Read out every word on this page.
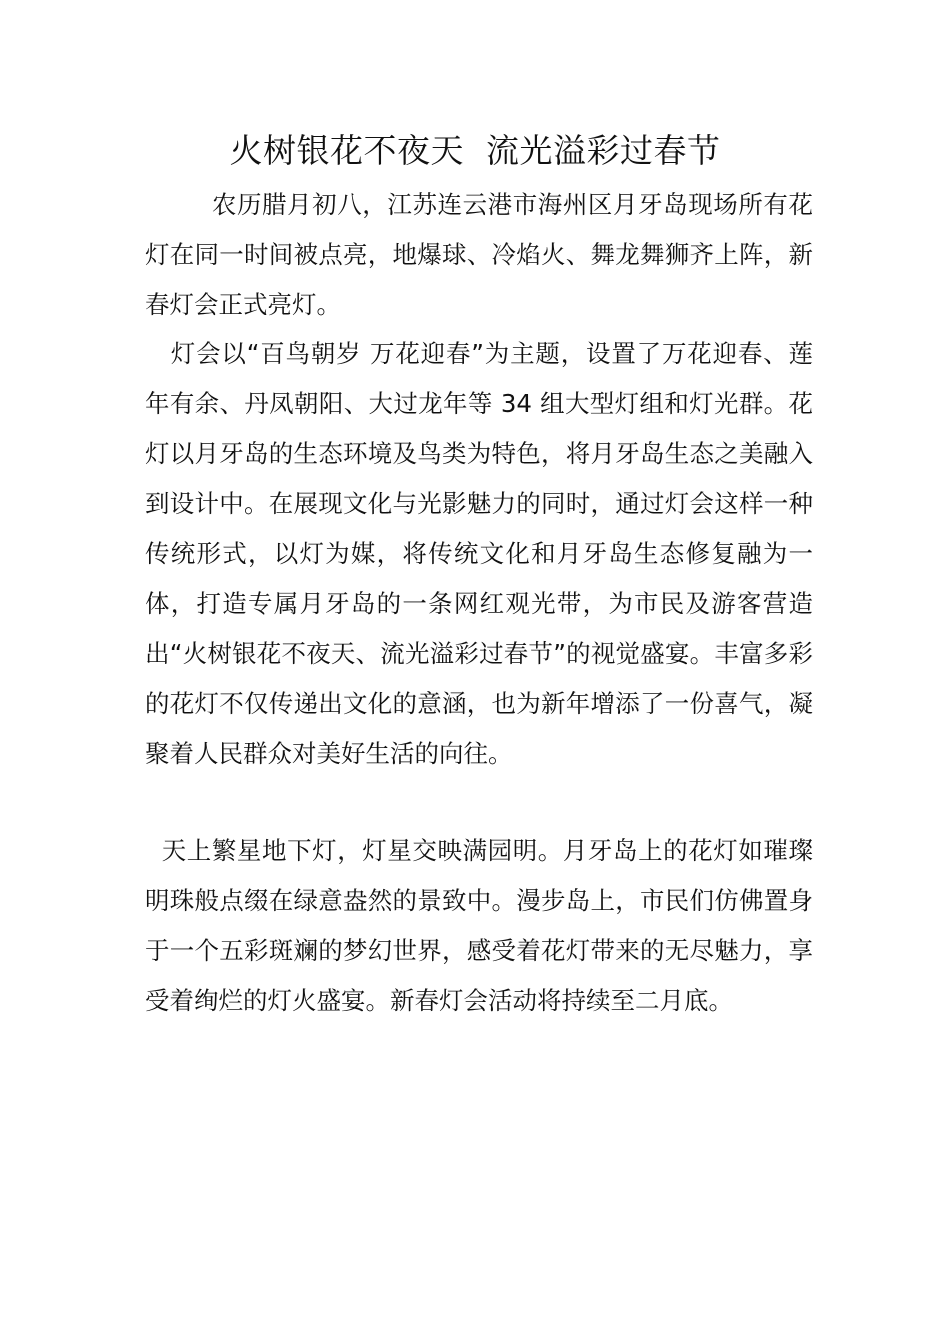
火树银花不夜天  流光溢彩过春节

农历腊月初八，江苏连云港市海州区月牙岛现场所有花灯在同一时间被点亮，地爆球、冷焰火、舞龙舞狮齐上阵，新春灯会正式亮灯。

灯会以“百鸟朝岁 万花迎春”为主题，设置了万花迎春、莲年有余、丹凤朝阳、大过龙年等 34 组大型灯组和灯光群。花灯以月牙岛的生态环境及鸟类为特色，将月牙岛生态之美融入到设计中。在展现文化与光影魅力的同时，通过灯会这样一种传统形式，以灯为媒，将传统文化和月牙岛生态修复融为一体，打造专属月牙岛的一条网红观光带，为市民及游客营造出“火树银花不夜天、流光溢彩过春节”的视觉盛宴。丰富多彩的花灯不仅传递出文化的意涵，也为新年增添了一份喜气，凝聚着人民群众对美好生活的向往。

天上繁星地下灯，灯星交映满园明。月牙岛上的花灯如璀璨明珠般点缀在绿意盎然的景致中。漫步岛上，市民们仿佛置身于一个五彩斑斓的梦幻世界，感受着花灯带来的无尽魅力，享受着绚烂的灯火盛宴。新春灯会活动将持续至二月底。
